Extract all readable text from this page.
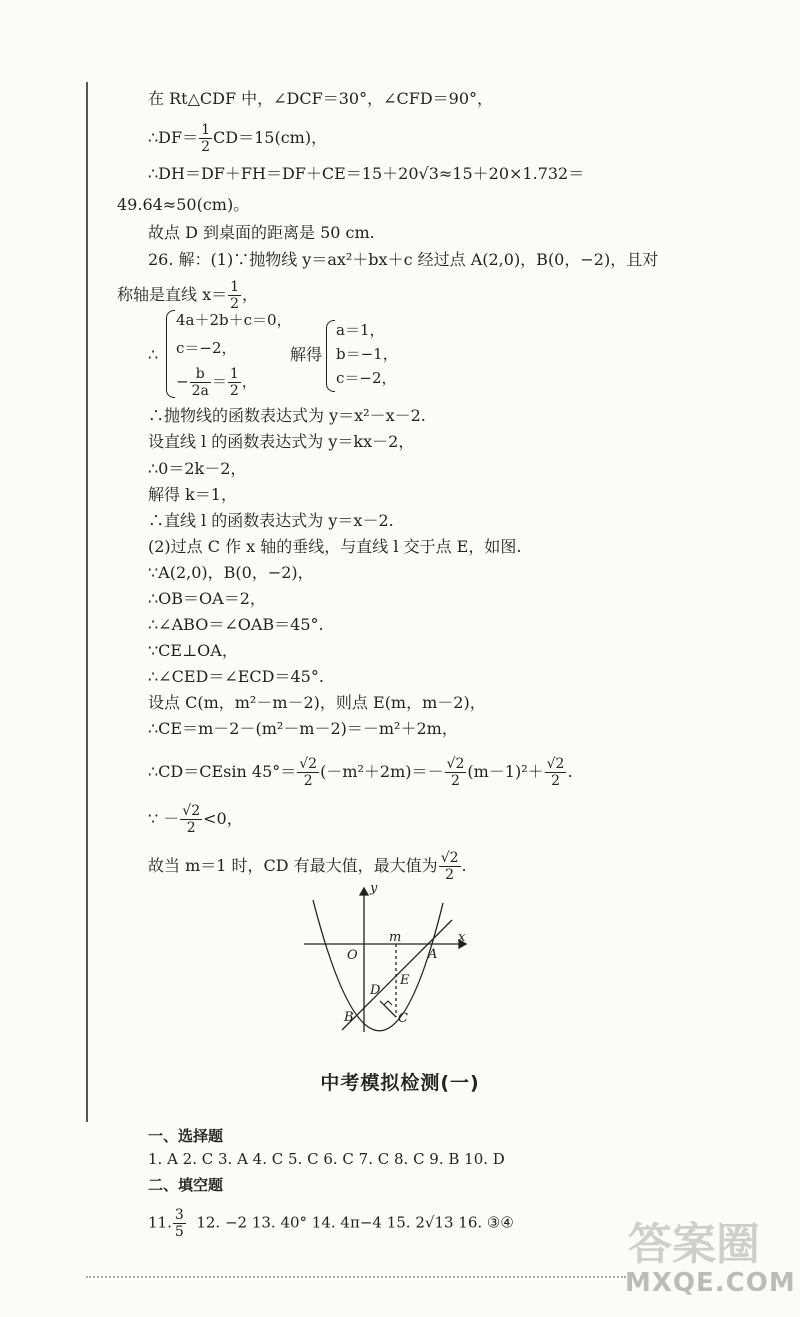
在 Rt△CDF 中，∠DCF＝30°，∠CFD＝90°，
∴DF＝ $\frac{1}{2} CD=15(cm)$，
∴DH＝DF＋FH＝DF＋CE＝15＋20√3≈15＋20×1.732＝
49.64≈50(cm)。
故点 D 到桌面的距离是 50 cm.
26. 解：(1)∵抛物线 y＝ax²＋bx＋c 经过点 A(2,0)，B(0，−2)，且对
称轴是直线 $x= \frac{1}{2}$ ，
∴
4a＋2b＋c＝0，
c＝−2，
− $\frac{b}{2a} = \frac{1}{2}$ ，
解得
a＝1，
b＝−1，
c＝−2，
∴抛物线的函数表达式为 y＝x²－x－2.
设直线 l 的函数表达式为 y＝kx－2，
∴0＝2k－2，
解得 k＝1，
∴直线 l 的函数表达式为 y＝x－2.
(2)过点 C 作 x 轴的垂线，与直线 l 交于点 E，如图.
∵A(2,0)，B(0，−2)，
∴OB＝OA＝2，
∴∠ABO＝∠OAB＝45°.
∵CE⊥OA，
∴∠CED＝∠ECD＝45°.
设点 C(m，m²－m－2)，则点 E(m，m－2)，
∴CE＝m－2－(m²－m－2)＝－m²＋2m，
∴CD＝CEsin $45^\circ= \frac{√2}{2} (-m^2+2m)=- \frac{√2}{2} (m-1)^2+ \frac{√2}{2}$ .
∵ － $\frac{√2}{2} <0$，
故当 m＝1 时，CD 有最大值，最大值为 $\frac{√2}{2}$ .
y
x
O
m
A
B	C
D
E
中考模拟检测(一)
一、选择题
1. A 2. C 3. A 4. C 5. C 6. C 7. C 8. C 9. B 10. D
二、填空题
11. $\frac{3}{5} 12$. −2 13. 40° 14. 4π−4 15. 2√13 16. ③④	答案圈
MXQE.COM
